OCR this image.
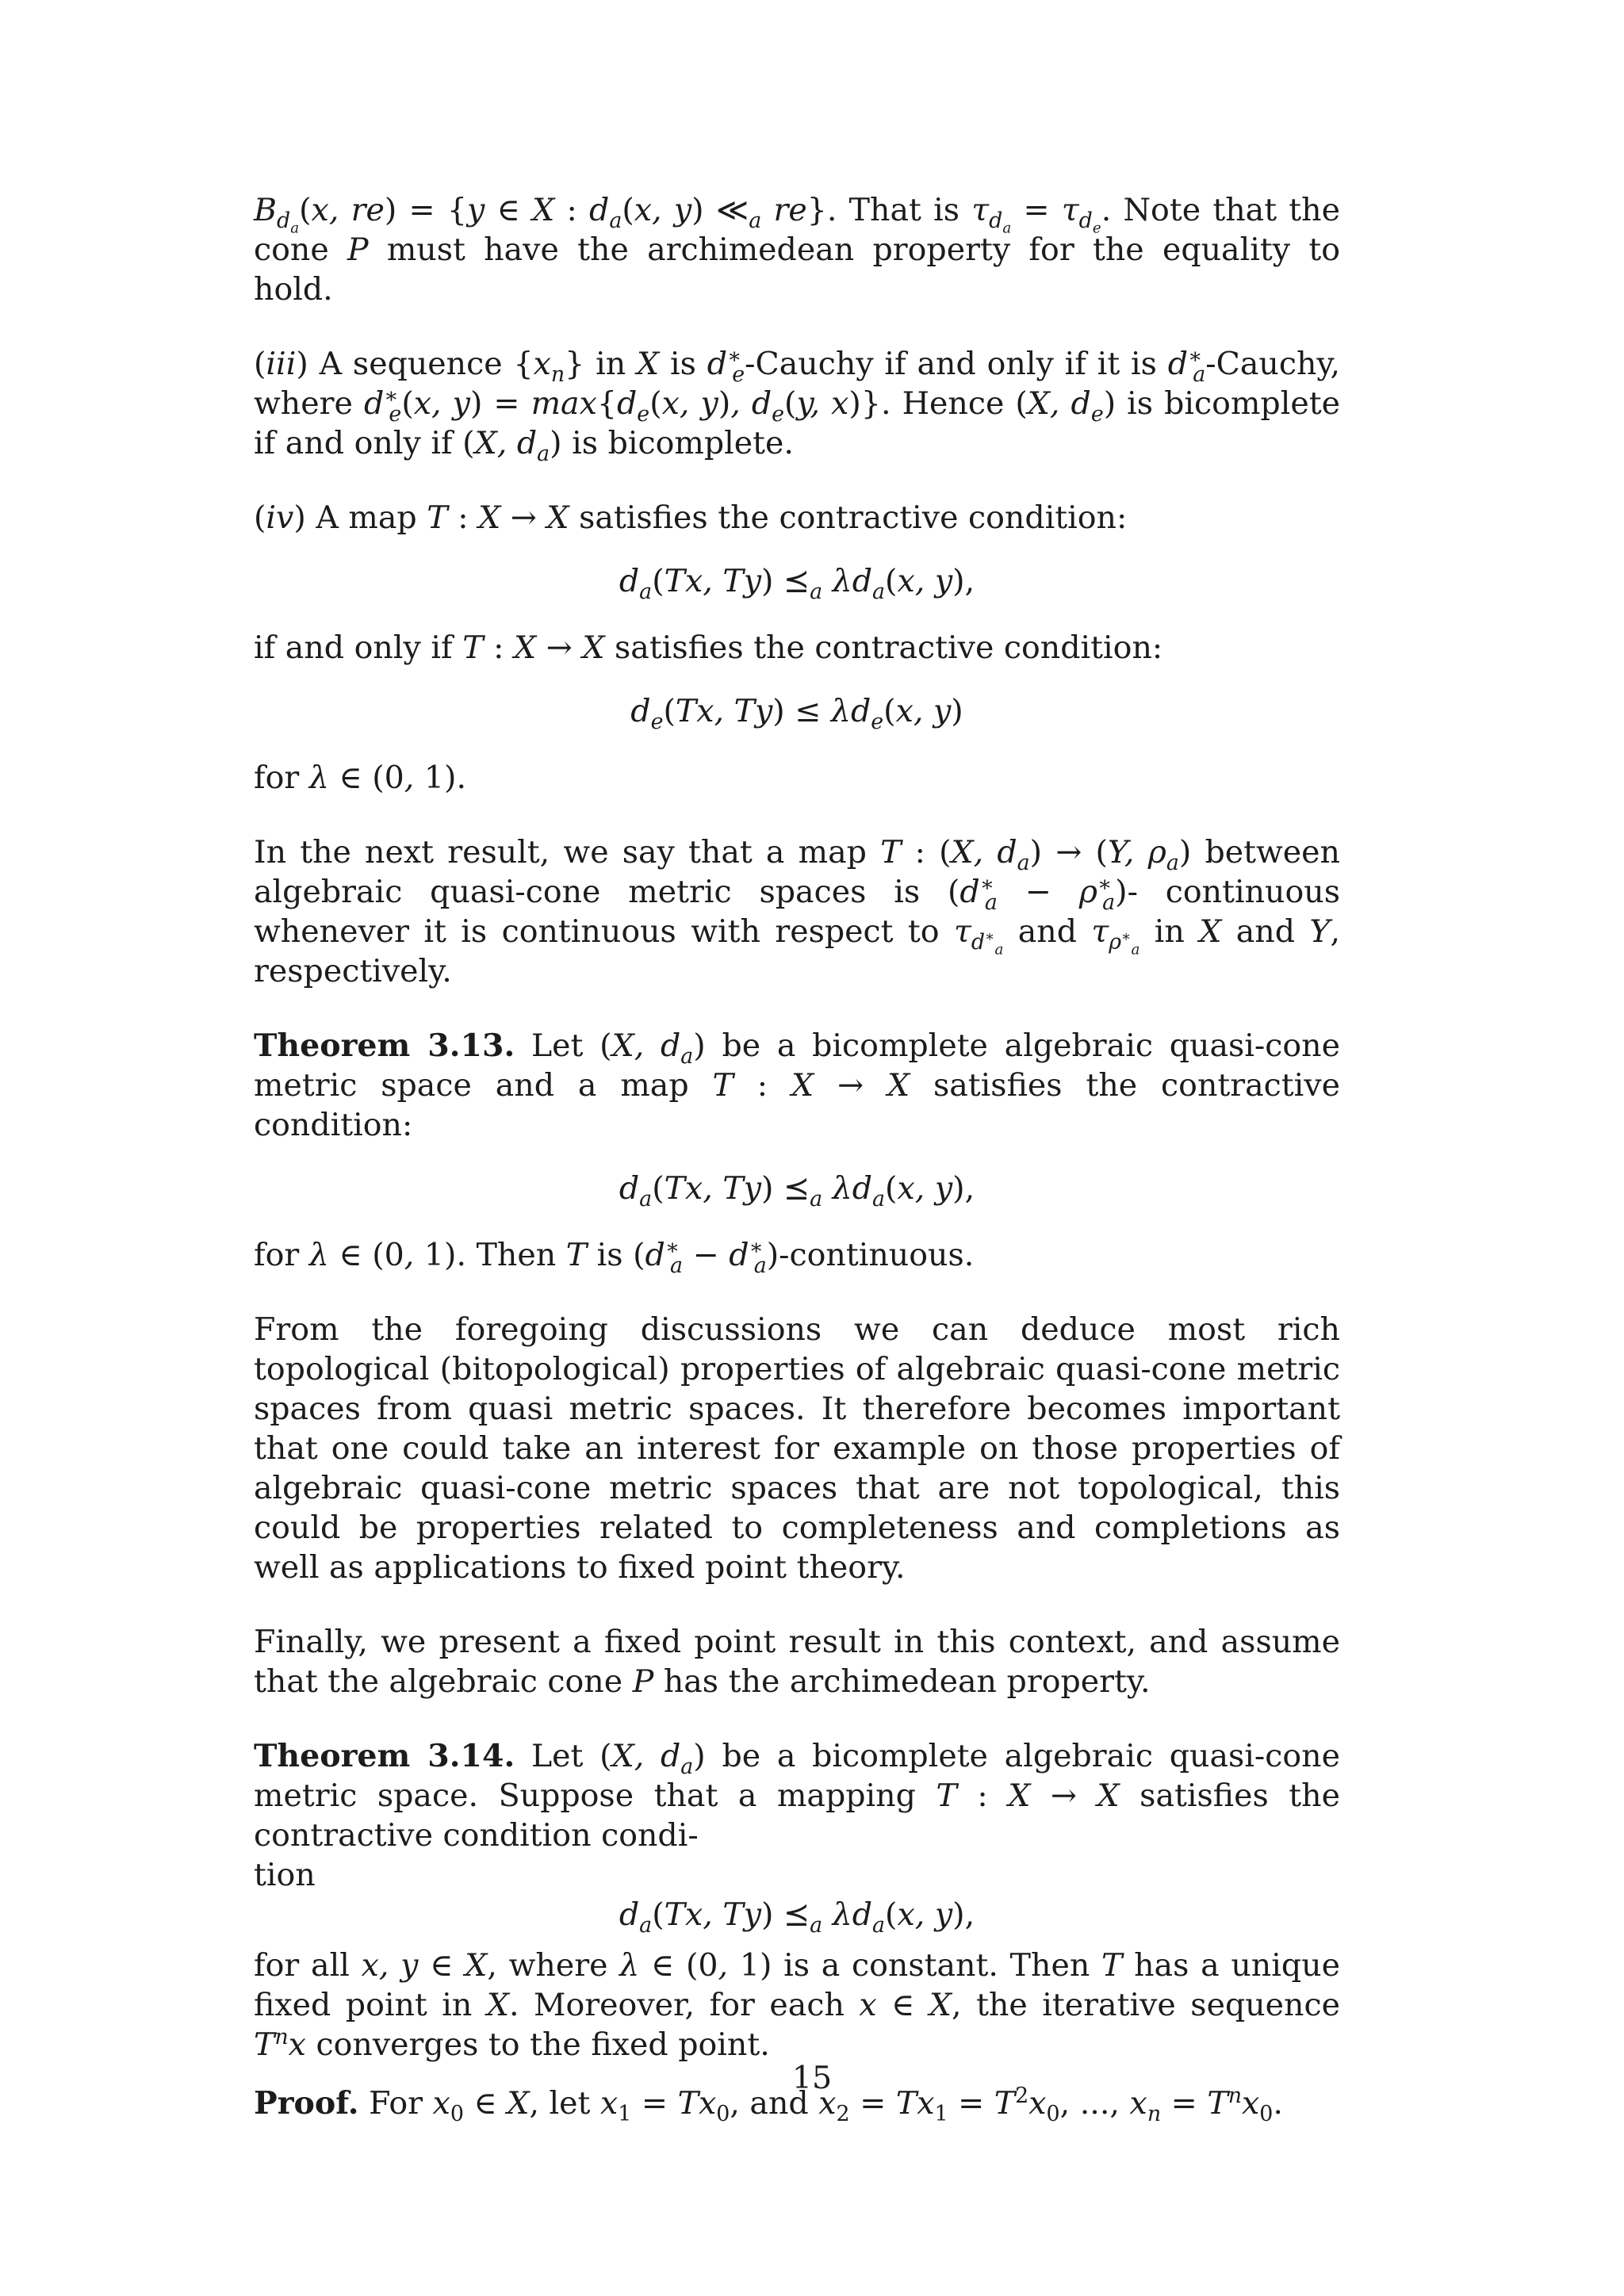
$B_{d_a}(x$, re) = {y ∈ X : $d_a(x$, y) $≪_a$ re}. That is $\tau_{d_a} = \tau_{d_e}$. Note that the cone P must have the archimedean property for the equality to hold.

(iii) A sequence $\{x_n\}$ in X is $d^∗_e$-Cauchy if and only if it is $d^∗_a$-Cauchy, where $d^∗_e(x$, $y) = \max\{d_e(x$, y), $d_e(y$, x)}. Hence (X, $d_e$) is bicomplete if and only if (X, $d_a$) is bicomplete.

(iv) A map T : X → X satisfies the contractive condition:

$d_a(Tx$, Ty) $⪯_a$ $\lambda d_a(x$, y),

if and only if T : X → X satisfies the contractive condition:

$d_e(Tx$, $Ty) \le \lambda d_e(x$, y)

for λ ∈ (0, 1).

In the next result, we say that a map T : (X, $d_a) \to (Y$, $\rho_a$) between algebraic quasi-cone metric spaces is $(d^∗_a - \rho^∗_a)-$ continuous whenever it is continuous with respect to $\tau_{d^∗_a}$ and $\tau_{\rho^∗_a}$ in X and Y, respectively.

Theorem 3.13. Let (X, $d_a$) be a bicomplete algebraic quasi-cone metric space and a map T : X → X satisfies the contractive condition:

$d_a(Tx$, Ty) $⪯_a$ $\lambda d_a(x$, y),

for λ ∈ (0, 1). Then T is ($d^∗_a$ − $d^∗_a$)-continuous.

From the foregoing discussions we can deduce most rich topological (bitopological) properties of algebraic quasi-cone metric spaces from quasi metric spaces. It therefore becomes important that one could take an interest for example on those properties of algebraic quasi-cone metric spaces that are not topological, this could be properties related to completeness and completions as well as applications to fixed point theory.

Finally, we present a fixed point result in this context, and assume that the algebraic cone P has the archimedean property.

Theorem 3.14. Let (X, $d_a$) be a bicomplete algebraic quasi-cone metric space. Suppose that a mapping T : X → X satisfies the contractive condition condi-
tion

$d_a(Tx$, Ty) $⪯_a$ $\lambda d_a(x$, y),

for all x, y ∈ X, where λ ∈ (0, 1) is a constant. Then T has a unique fixed point in X. Moreover, for each x ∈ X, the iterative sequence $T^nx$ converges to the fixed point.

Proof. For $x_0$ ∈ X, let $x_1 = Tx_0$, and $x_2 = Tx_1 = T^2x_0$, ..., $x_n = T^nx_0$.

15
